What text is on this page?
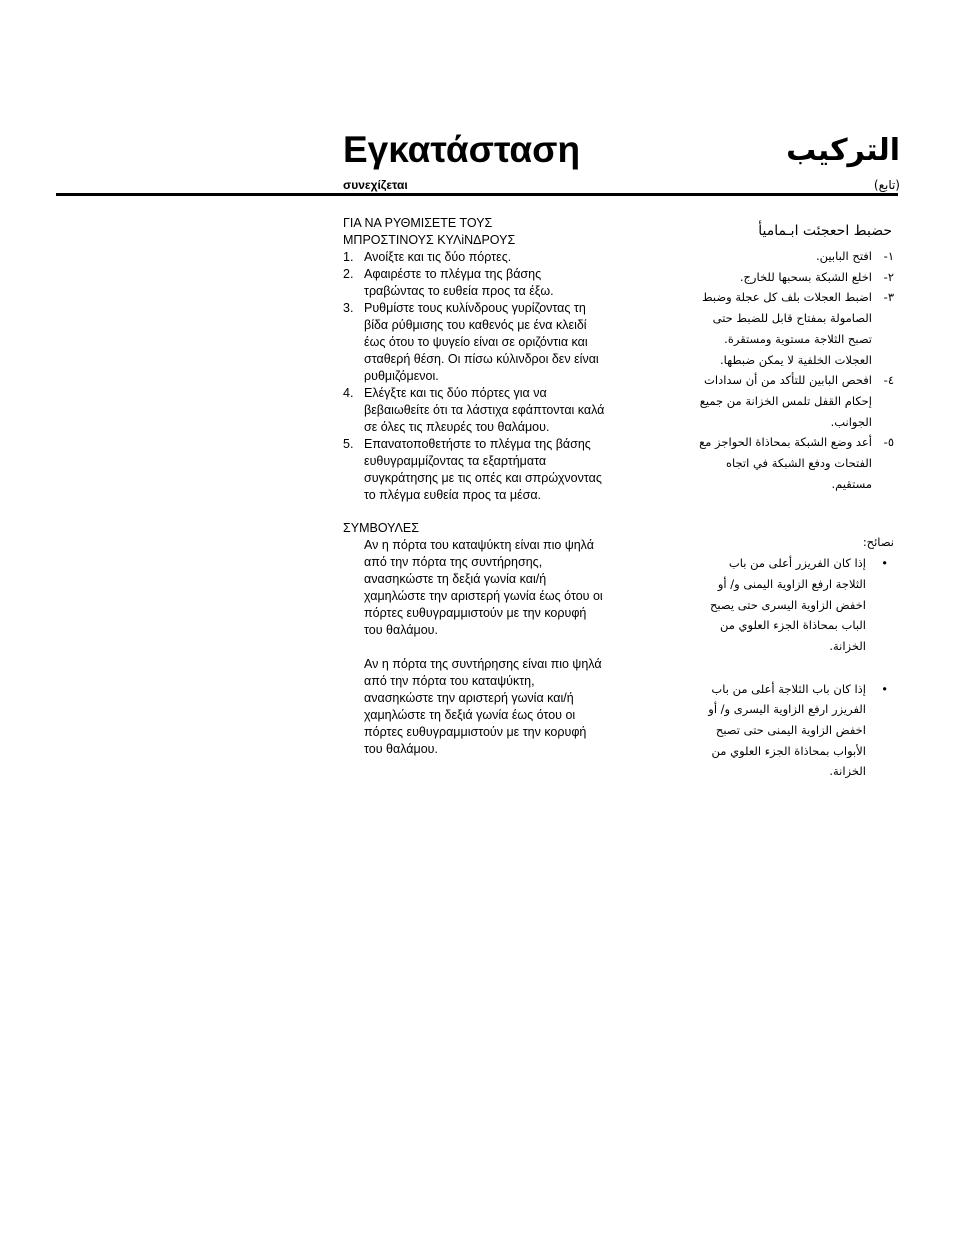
Εγκατάσταση
συνεχίζεται
التركيب
(تابع)
ΓΙΑ ΝΑ ΡΥΘΜΙΣΕΤΕ ΤΟΥΣ
ΜΠΡΟΣΤΙΝΟΥΣ ΚΥΛiΝΔΡΟΥΣ
1. Ανοίξτε και τις δύο πόρτες.
2. Αφαιρέστε το πλέγμα της βάσης τραβώντας το ευθεία προς τα έξω.
3. Ρυθμίστε τους κυλίνδρους γυρίζοντας τη βίδα ρύθμισης του καθενός με ένα κλειδί έως ότου το ψυγείο είναι σε οριζόντια και σταθερή θέση. Οι πίσω κύλινδροι δεν είναι ρυθμιζόμενοι.
4. Ελέγξτε και τις δύο πόρτες για να βεβαιωθείτε ότι τα λάστιχα εφάπτονται καλά σε όλες τις πλευρές του θαλάμου.
5. Επανατοποθετήστε το πλέγμα της βάσης ευθυγραμμίζοντας τα εξαρτήματα συγκράτησης με τις οπές και σπρώχνοντας το πλέγμα ευθεία προς τα μέσα.
ΣΥΜΒΟΥΛΕΣ

Αν η πόρτα του καταψύκτη είναι πιο ψηλά από την πόρτα της συντήρησης, ανασηκώστε τη δεξιά γωνία και/ή χαμηλώστε την αριστερή γωνία έως ότου οι πόρτες ευθυγραμμιστούν με την κορυφή του θαλάμου.

Αν η πόρτα της συντήρησης είναι πιο ψηλά από την πόρτα του καταψύκτη, ανασηκώστε την αριστερή γωνία και/ή χαμηλώστε τη δεξιά γωνία έως ότου οι πόρτες ευθυγραμμιστούν με την κορυφή του θαλάμου.

حضبط احعجئت ابـماميأ
-١
افتح البابين.
-٢
اخلع الشبكة بسحبها للخارج.
-٣
اضبط العجلات بلف كل عجلة وضبط الصامولة بمفتاح قابل للضبط حتى تصبح الثلاجة مستوية ومستقرة. العجلات الخلفية لا يمكن ضبطها.
-٤
افحص البابين للتأكد من أن سدادات إحكام القفل تلمس الخزانة من جميع الجوانب.
-٥
أعد وضع الشبكة بمحاذاة الحواجز مع الفتحات ودفع الشبكة في اتجاه مستقيم.
نصائح:
•
إذا كان الفريزر أعلى من باب الثلاجة ارفع الزاوية اليمنى و/ أو اخفض الزاوية اليسرى حتى يصبح الباب بمحاذاة الجزء العلوي من الخزانة.
•
إذا كان باب الثلاجة أعلى من باب الفريزر ارفع الزاوية اليسرى و/ أو اخفض الزاوية اليمنى حتى تصبح الأبواب بمحاذاة الجزء العلوي من الخزانة.
